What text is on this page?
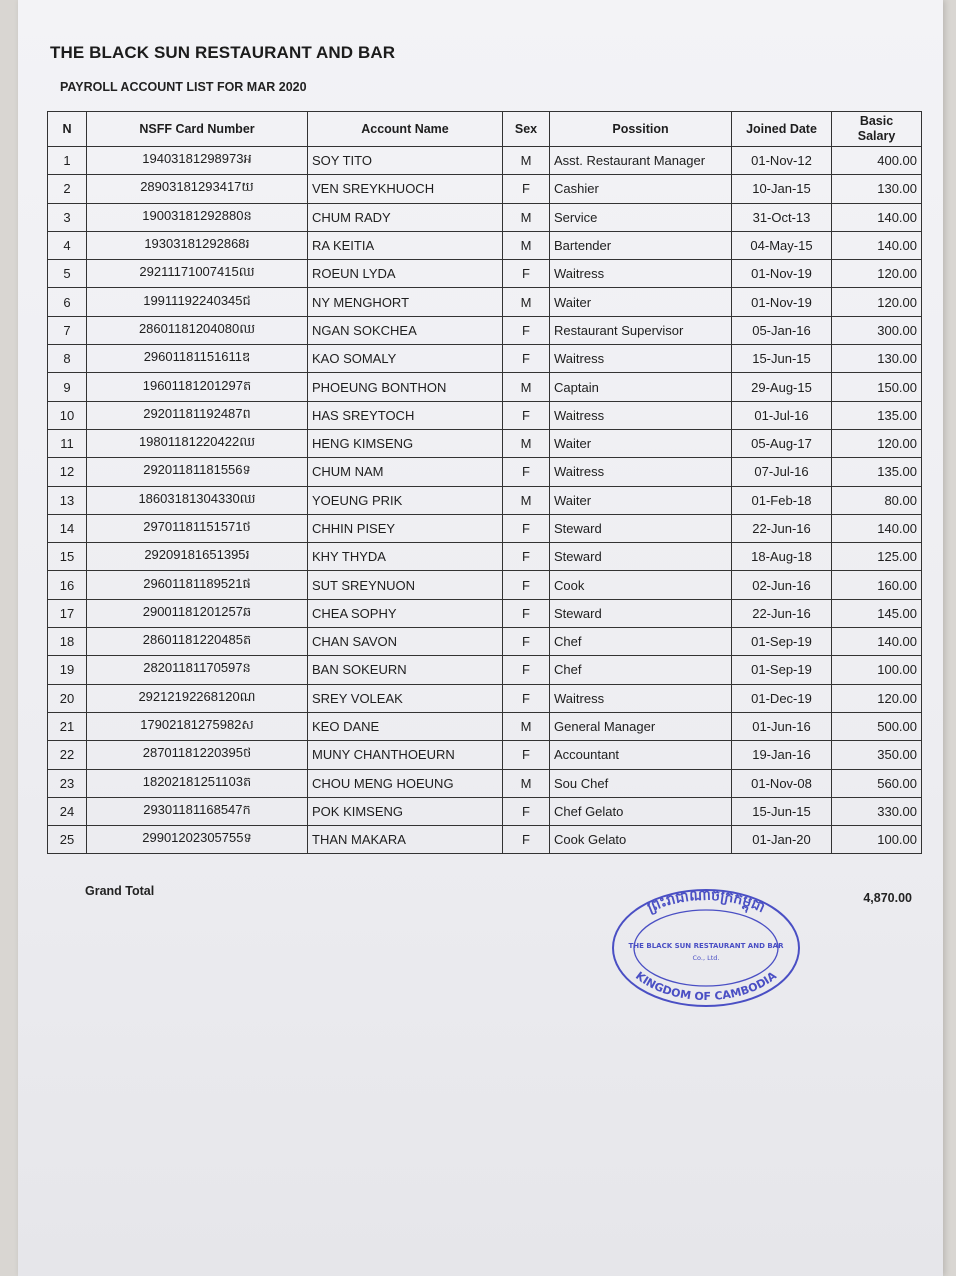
THE BLACK SUN RESTAURANT AND BAR
PAYROLL ACCOUNT LIST FOR MAR 2020
N	NSFF Card Number	Account Name	Sex	Possition	Joined Date	Basic
Salary

1	19403181298973អ	SOY TITO	M	Asst. Restaurant Manager	01-Nov-12	400.00
2	28903181293417យ	VEN SREYKHUOCH	F	Cashier	10-Jan-15	130.00
3	19003181292880ន	CHUM RADY	M	Service	31-Oct-13	140.00
4	19303181292868រ	RA KEITIA	M	Bartender	04-May-15	140.00
5	29211171007415ឈ	ROEUN LYDA	F	Waitress	01-Nov-19	120.00
6	19911192240345ជ	NY MENGHORT	M	Waiter	01-Nov-19	120.00
7	28601181204080ឈ	NGAN SOKCHEA	F	Restaurant Supervisor	05-Jan-16	300.00
8	29601181151611ឌ	KAO SOMALY	F	Waitress	15-Jun-15	130.00
9	19601181201297ត	PHOEUNG BONTHON	M	Captain	29-Aug-15	150.00
10	29201181192487ព	HAS SREYTOCH	F	Waitress	01-Jul-16	135.00
11	19801181220422ឈ	HENG KIMSENG	M	Waiter	05-Aug-17	120.00
12	29201181181556ទ	CHUM NAM	F	Waitress	07-Jul-16	135.00
13	18603181304330ឈ	YOEUNG PRIK	M	Waiter	01-Feb-18	80.00
14	29701181151571ថ	CHHIN PISEY	F	Steward	22-Jun-16	140.00
15	29209181651395រ	KHY THYDA	F	Steward	18-Aug-18	125.00
16	29601181189521ផ	SUT SREYNUON	F	Cook	02-Jun-16	160.00
17	29001181201257ឆ	CHEA SOPHY	F	Steward	22-Jun-16	145.00
18	28601181220485ត	CHAN SAVON	F	Chef	01-Sep-19	140.00
19	28201181170597ន	BAN SOKEURN	F	Chef	01-Sep-19	100.00
20	29212192268120ណ	SREY VOLEAK	F	Waitress	01-Dec-19	120.00
21	17902181275982ស	KEO DANE	M	General Manager	01-Jun-16	500.00
22	28701181220395ថ	MUNY CHANTHOEURN	F	Accountant	19-Jan-16	350.00
23	18202181251103ត	CHOU MENG HOEUNG	M	Sou Chef	01-Nov-08	560.00
24	29301181168547ក	POK KIMSENG	F	Chef Gelato	15-Jun-15	330.00
25	29901202305755ទ	THAN MAKARA	F	Cook Gelato	01-Jan-20	100.00
Grand Total	4,870.00
ព្រះរាជាណាចក្រកម្ពុជា
THE BLACK SUN RESTAURANT AND BAR
Co., Ltd.
KINGDOM OF CAMBODIA
